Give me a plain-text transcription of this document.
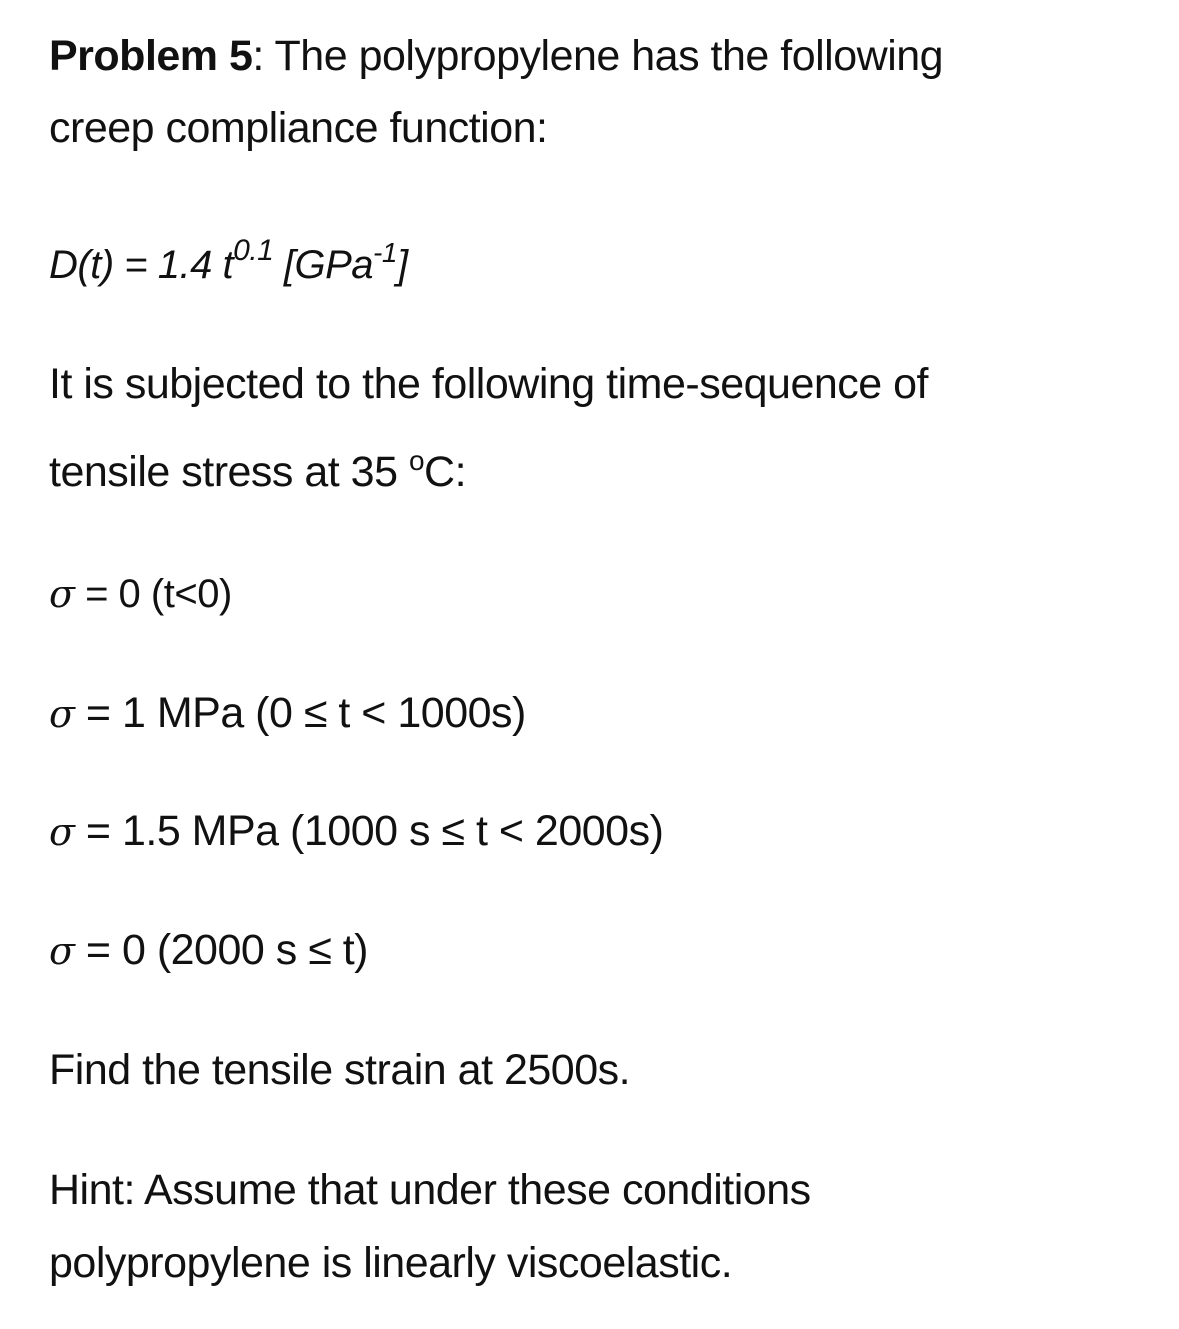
Problem 5: The polypropylene has the following
creep compliance function:
D(t) = 1.4 $t^{0.1}$ [GPa$^{-1}$]
It is subjected to the following time-sequence of
tensile stress at 35 $^o$C:
σ = 0 (t<0)
σ = 1 MPa (0 ≤ t < 1000s)
σ = 1.5 MPa (1000 s ≤ t < 2000s)
σ = 0 (2000 s ≤ t)
Find the tensile strain at 2500s.
Hint: Assume that under these conditions
polypropylene is linearly viscoelastic.
